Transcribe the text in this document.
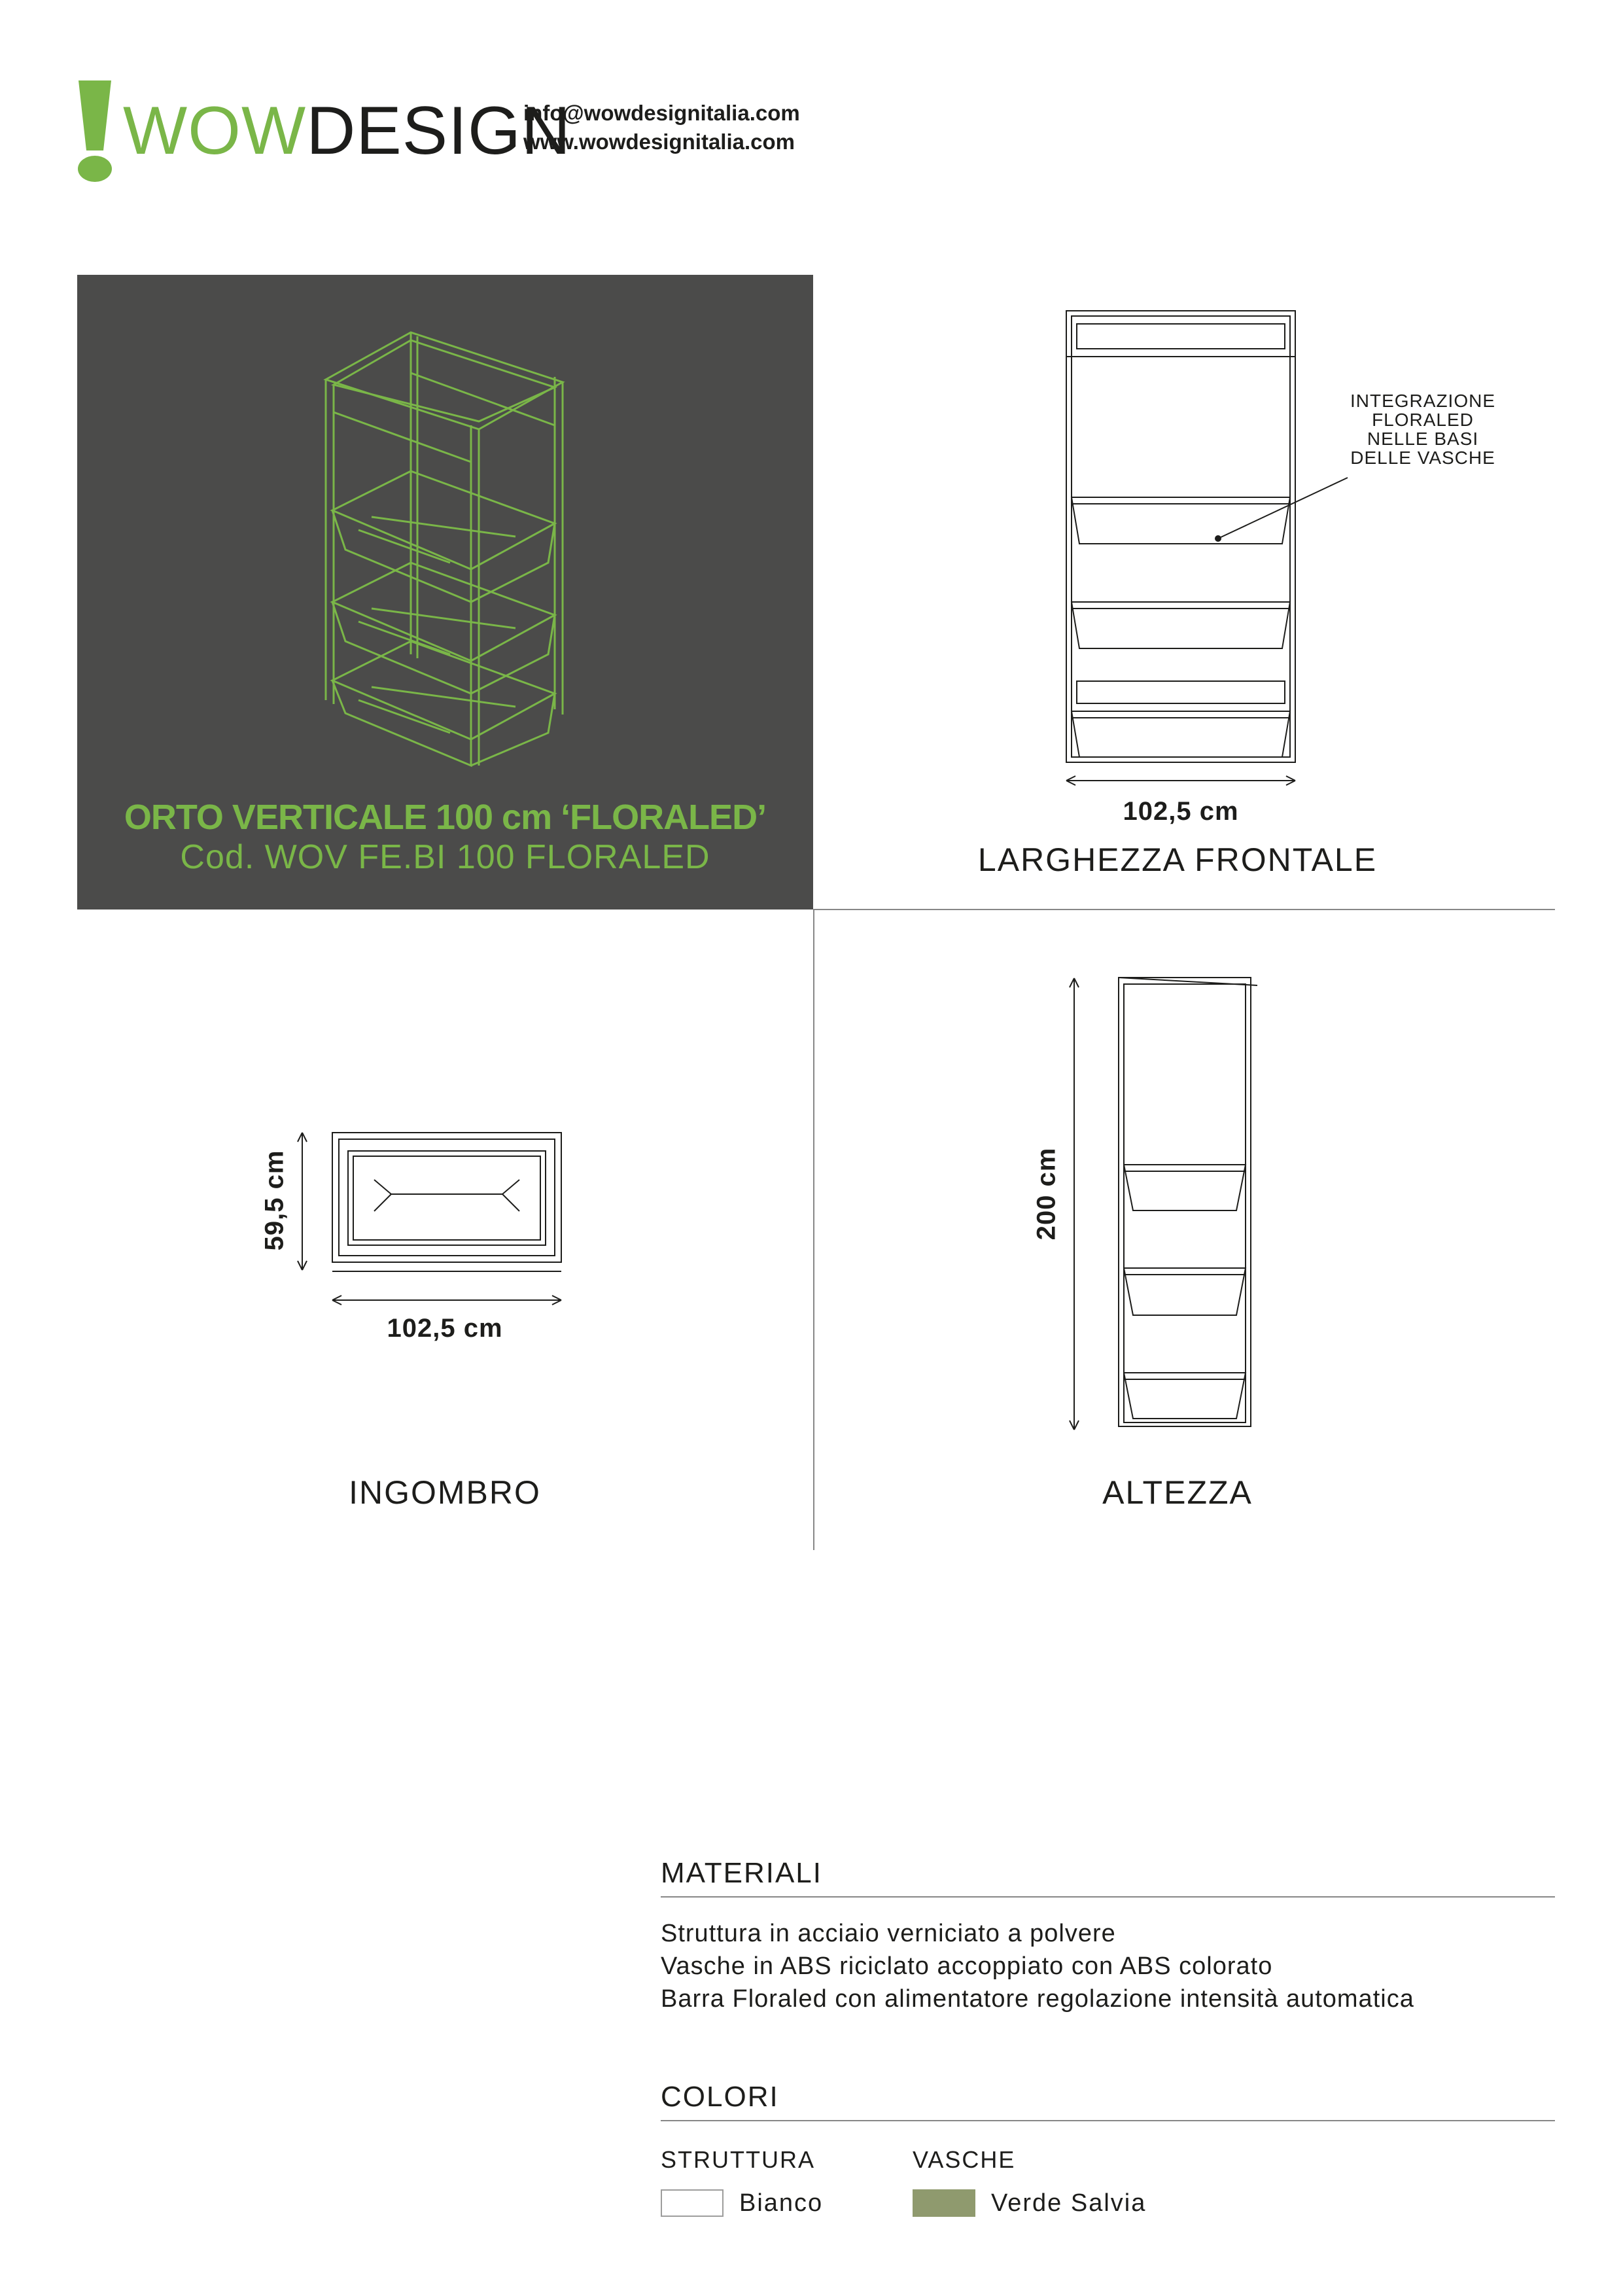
WOWDESIGN
info@wowdesignitalia.com
www.wowdesignitalia.com
ORTO VERTICALE 100 cm ‘FLORALED’
Cod. WOV FE.BI 100 FLORALED
INTEGRAZIONE
FLORALED
NELLE BASI
DELLE VASCHE
102,5 cm
LARGHEZZA FRONTALE
102,5 cm
59,5 cm
INGOMBRO
200 cm
ALTEZZA
MATERIALI
Struttura in acciaio verniciato a polvere
Vasche in ABS riciclato accoppiato con ABS colorato
Barra Floraled con alimentatore regolazione intensità automatica
COLORI
STRUTTURA
Bianco
VASCHE
Verde Salvia
